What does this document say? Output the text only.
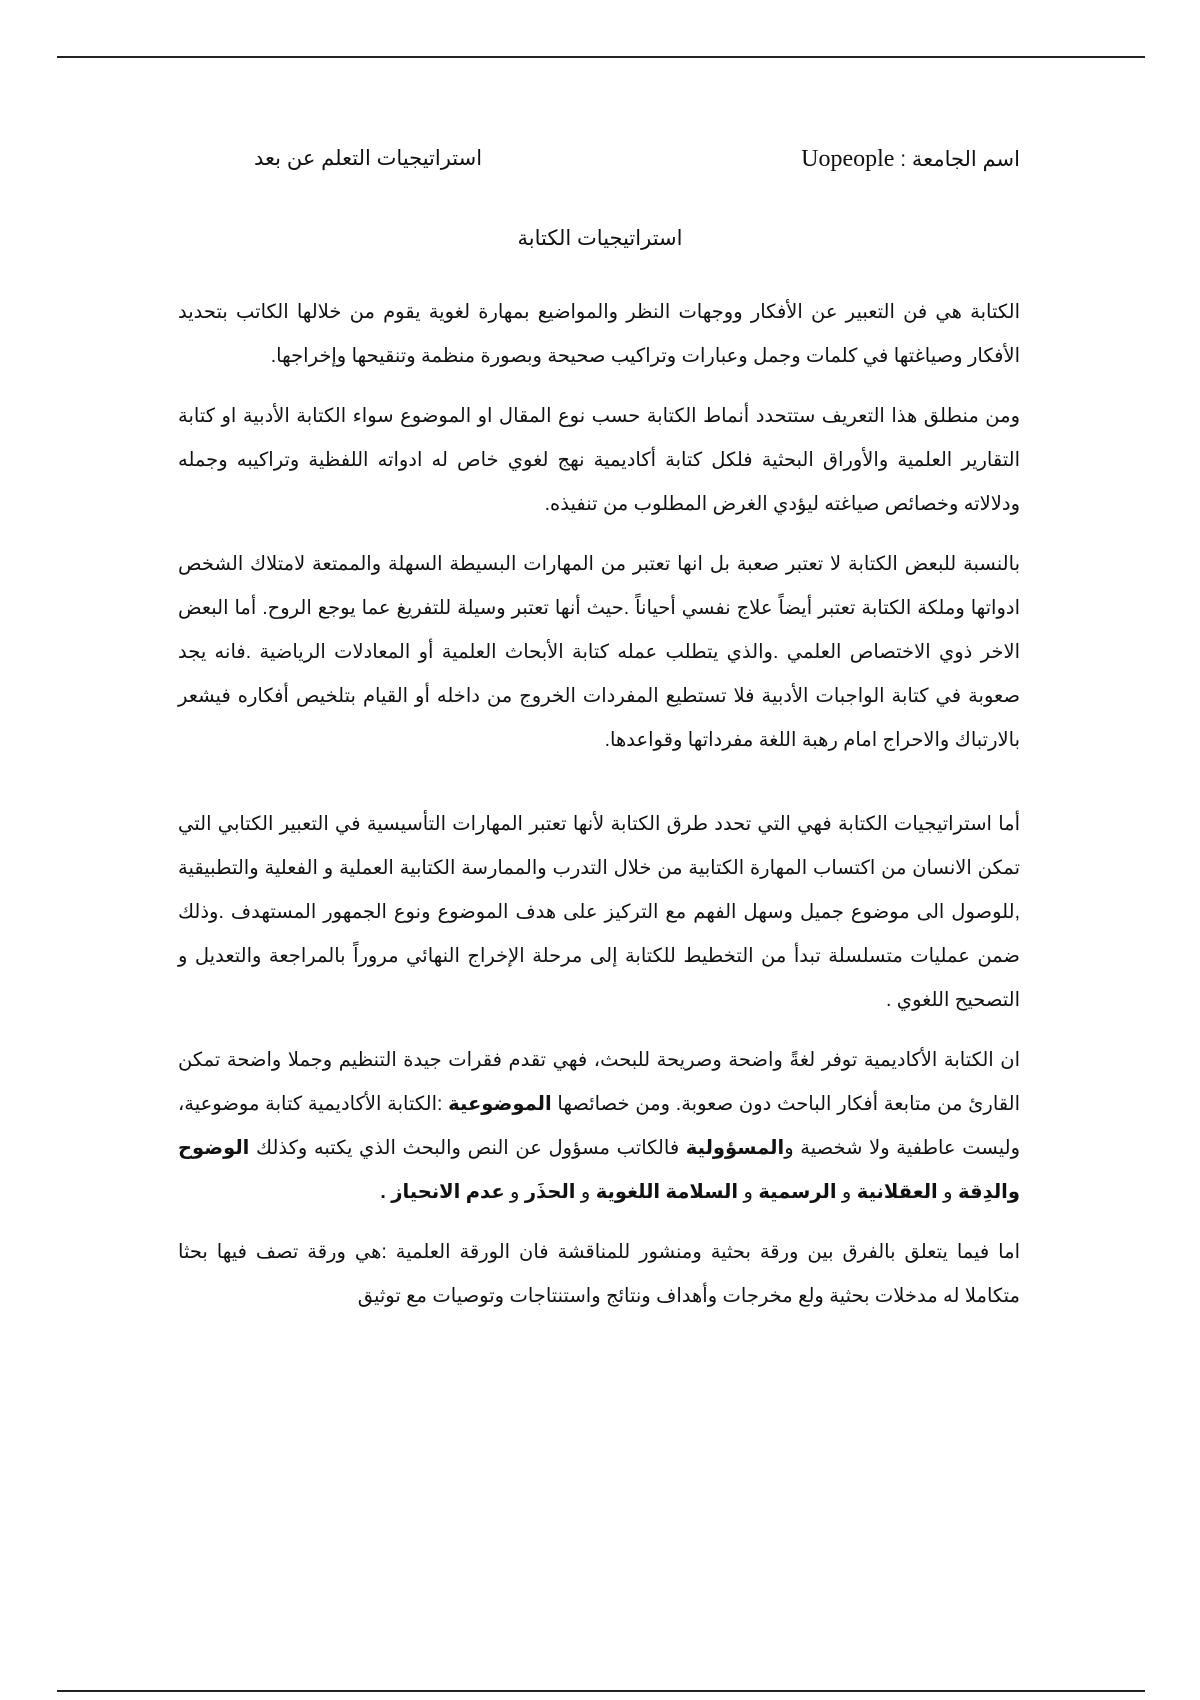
اسم الجامعة : Uopeople
استراتيجيات التعلم عن بعد
استراتيجيات الكتابة

الكتابة هي فن التعبير عن الأفكار ووجهات النظر والمواضيع بمهارة لغوية يقوم من خلالها الكاتب بتحديد الأفكار وصياغتها في كلمات وجمل وعبارات وتراكيب صحيحة وبصورة منظمة وتنقيحها وإخراجها.

ومن منطلق هذا التعريف ستتحدد أنماط الكتابة حسب نوع المقال او الموضوع سواء الكتابة الأدبية او كتابة التقارير العلمية والأوراق البحثية فلكل كتابة أكاديمية نهج لغوي خاص له ادواته اللفظية وتراكيبه وجمله ودلالاته وخصائص صياغته ليؤدي الغرض المطلوب من تنفيذه.

بالنسبة للبعض الكتابة لا تعتبر صعبة بل انها تعتبر من المهارات البسيطة السهلة والممتعة لامتلاك الشخص ادواتها وملكة الكتابة تعتبر أيضاً علاج نفسي أحياناً .حيث أنها تعتبر وسيلة للتفريغ عما يوجع الروح. أما البعض الاخر ذوي الاختصاص العلمي .والذي يتطلب عمله كتابة الأبحاث العلمية أو المعادلات الرياضية .فانه يجد صعوبة في كتابة الواجبات الأدبية فلا تستطيع المفردات الخروج من داخله أو القيام بتلخيص أفكاره فيشعر بالارتباك والاحراج امام رهبة اللغة مفرداتها وقواعدها.

أما استراتيجيات الكتابة فهي التي تحدد طرق الكتابة لأنها تعتبر المهارات التأسيسية في التعبير الكتابي التي تمكن الانسان من اكتساب المهارة الكتابية من خلال التدرب والممارسة الكتابية العملية و الفعلية والتطبيقية ,للوصول الى موضوع جميل وسهل الفهم مع التركيز على هدف الموضوع ونوع الجمهور المستهدف .وذلك ضمن عمليات متسلسلة تبدأ من التخطيط للكتابة إلى مرحلة الإخراج النهائي مروراً بالمراجعة والتعديل و التصحيح اللغوي .

ان الكتابة الأكاديمية توفر لغةً واضحة وصريحة للبحث، فهي تقدم فقرات جيدة التنظيم وجملا واضحة تمكن القارئ من متابعة أفكار الباحث دون صعوبة. ومن خصائصها الموضوعية :الكتابة الأكاديمية كتابة موضوعية، وليست عاطفية ولا شخصية والمسؤولية فالكاتب مسؤول عن النص والبحث الذي يكتبه وكذلك الوضوح والدِقة و العقلانية و الرسمية و السلامة اللغوية و الحذَر و عدم الانحياز .

اما فيما يتعلق بالفرق بين ورقة بحثية ومنشور للمناقشة فان الورقة العلمية :هي ورقة تصف فيها بحثا متكاملا له مدخلات بحثية ولع مخرجات وأهداف ونتائج واستنتاجات وتوصيات مع توثيق
